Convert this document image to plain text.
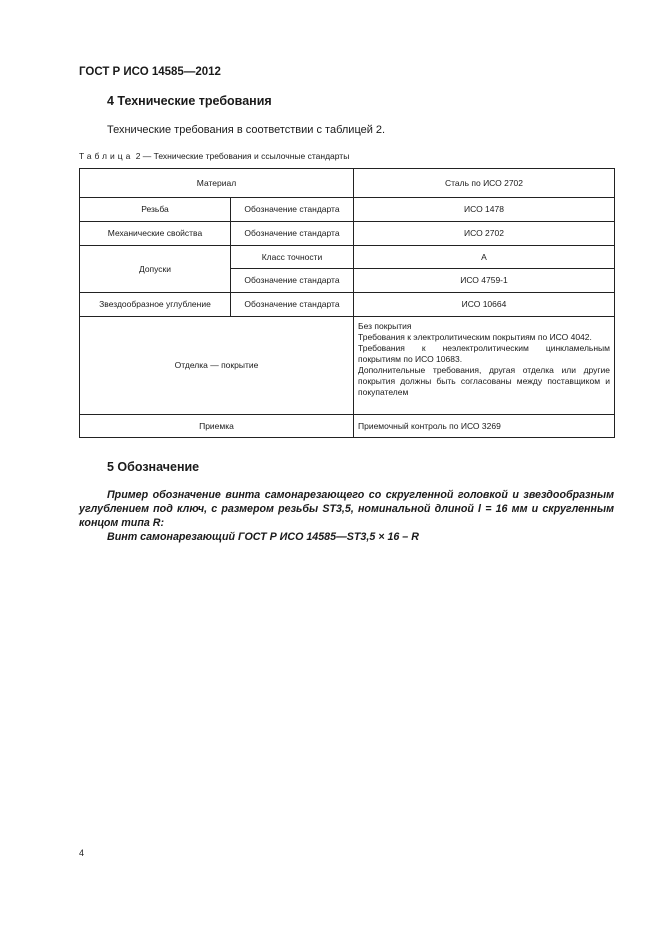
ГОСТ Р ИСО 14585—2012
4 Технические требования
Технические требования в соответствии с таблицей 2.
Таблица 2 — Технические требования и ссылочные стандарты
Материал		Сталь по ИСО 2702
Резьба	Обозначение стандарта	ИСО 1478
Механические свойства	Обозначение стандарта	ИСО 2702
Допуски	Класс точности	A
	Обозначение стандарта	ИСО 4759-1
Звездообразное углубление	Обозначение стандарта	ИСО 10664
Отделка — покрытие		Без покрытия
Требования к электролитическим покрытиям по ИСО 4042.
Требования к неэлектролитическим цинкламельным покрытиям по ИСО 10683.
Дополнительные требования, другая отделка или другие покрытия должны быть согласованы между поставщиком и покупателем

Приемка		Приемочный контроль по ИСО 3269
5 Обозначение

Пример обозначение винта самонарезающего со скругленной головкой и звездообразным углублением под ключ, с размером резьбы ST3,5, номинальной длиной l = 16 мм и скругленным концом типа R:

Винт самонарезающий ГОСТ Р ИСО 14585—ST3,5 × 16 – R

4
